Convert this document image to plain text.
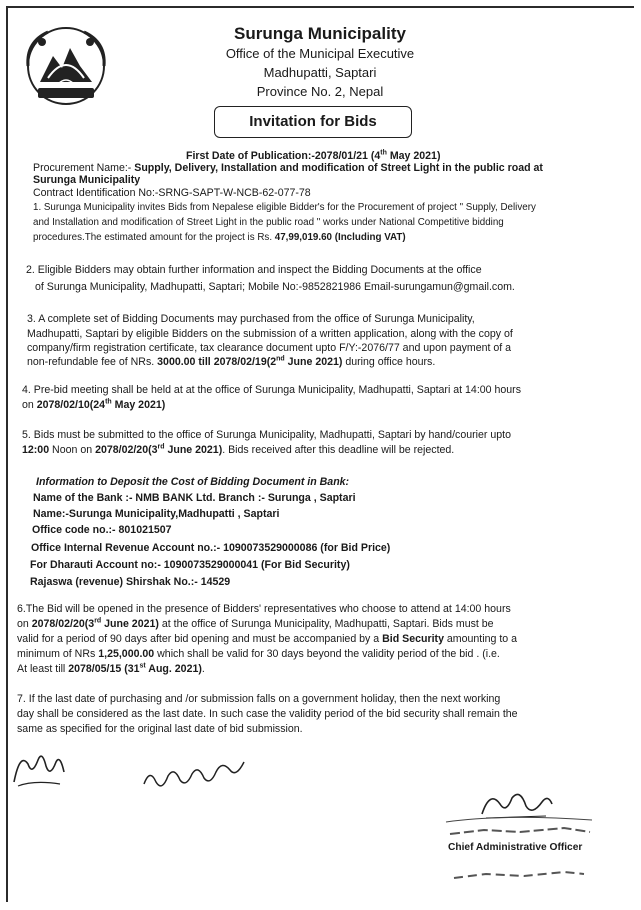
Surunga Municipality
Office of the Municipal Executive
Madhupatti, Saptari
Province No. 2, Nepal
Invitation for Bids
First Date of Publication:-2078/01/21 (4th May 2021)
Procurement Name:- Supply, Delivery, Installation and modification of Street Light in the public road at
Surunga Municipality
Contract Identification No:-SRNG-SAPT-W-NCB-62-077-78
1. Surunga Municipality invites Bids from Nepalese eligible Bidder's for the Procurement of project " Supply, Delivery
and Installation and modification of Street Light in the public road " works under National Competitive bidding
procedures.The estimated amount for the project is Rs. 47,99,019.60 (Including VAT)
2. Eligible Bidders may obtain further information and inspect the Bidding Documents at the office
of Surunga Municipality, Madhupatti, Saptari; Mobile No:-9852821986 Email-surungamun@gmail.com.
3. A complete set of Bidding Documents may purchased from the office of Surunga Municipality,
Madhupatti, Saptari by eligible Bidders on the submission of a written application, along with the copy of
company/firm registration certificate, tax clearance document upto F/Y:-2076/77 and upon payment of a
non-refundable fee of NRs. 3000.00 till 2078/02/19(2nd June 2021) during office hours.
4. Pre-bid meeting shall be held at at the office of Surunga Municipality, Madhupatti, Saptari at 14:00 hours
on 2078/02/10(24th May 2021)
5. Bids must be submitted to the office of Surunga Municipality, Madhupatti, Saptari by hand/courier upto
12:00 Noon on 2078/02/20(3rd June 2021). Bids received after this deadline will be rejected.
Information to Deposit the Cost of Bidding Document in Bank:
Name of the Bank :- NMB BANK Ltd. Branch :- Surunga , Saptari
Name:-Surunga Municipality,Madhupatti , Saptari
Office code no.:- 801021507
Office Internal Revenue Account no.:- 1090073529000086 (for Bid Price)
For Dharauti Account no:- 1090073529000041 (For Bid Security)
Rajaswa (revenue) Shirshak No.:- 14529
6.The Bid will be opened in the presence of Bidders' representatives who choose to attend at 14:00 hours
on 2078/02/20(3rd June 2021) at the office of Surunga Municipality, Madhupatti, Saptari. Bids must be
valid for a period of 90 days after bid opening and must be accompanied by a Bid Security amounting to a
minimum of NRs 1,25,000.00 which shall be valid for 30 days beyond the validity period of the bid . (i.e.
At least till 2078/05/15 (31st Aug. 2021).
7. If the last date of purchasing and /or submission falls on a government holiday, then the next working
day shall be considered as the last date. In such case the validity period of the bid security shall remain the
same as specified for the original last date of bid submission.
Chief Administrative Officer
